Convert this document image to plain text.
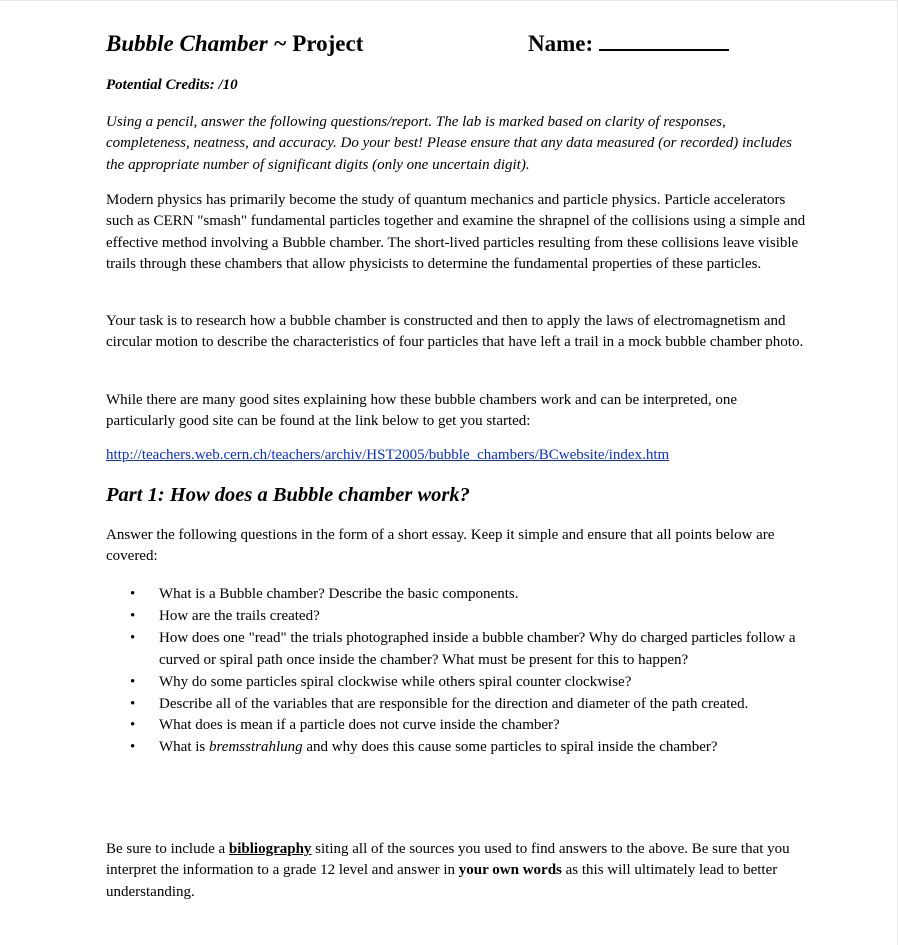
Bubble Chamber ~ Project	Name:
Potential Credits: /10

Using a pencil, answer the following questions/report. The lab is marked based on clarity of responses, completeness, neatness, and accuracy. Do your best! Please ensure that any data measured (or recorded) includes the appropriate number of significant digits (only one uncertain digit).

Modern physics has primarily become the study of quantum mechanics and particle physics. Particle accelerators such as CERN "smash" fundamental particles together and examine the shrapnel of the collisions using a simple and effective method involving a Bubble chamber. The short-lived particles resulting from these collisions leave visible trails through these chambers that allow physicists to determine the fundamental properties of these particles.

Your task is to research how a bubble chamber is constructed and then to apply the laws of electromagnetism and circular motion to describe the characteristics of four particles that have left a trail in a mock bubble chamber photo.

While there are many good sites explaining how these bubble chambers work and can be interpreted, one particularly good site can be found at the link below to get you started:

http://teachers.web.cern.ch/teachers/archiv/HST2005/bubble_chambers/BCwebsite/index.htm
Part 1: How does a Bubble chamber work?

Answer the following questions in the form of a short essay. Keep it simple and ensure that all points below are covered:

• What is a Bubble chamber? Describe the basic components.
• How are the trails created?
• How does one "read" the trials photographed inside a bubble chamber? Why do charged particles follow a curved or spiral path once inside the chamber? What must be present for this to happen?
• Why do some particles spiral clockwise while others spiral counter clockwise?
• Describe all of the variables that are responsible for the direction and diameter of the path created.
• What does is mean if a particle does not curve inside the chamber?
• What is bremsstrahlung and why does this cause some particles to spiral inside the chamber?

Be sure to include a bibliography siting all of the sources you used to find answers to the above. Be sure that you interpret the information to a grade 12 level and answer in your own words as this will ultimately lead to better understanding.
